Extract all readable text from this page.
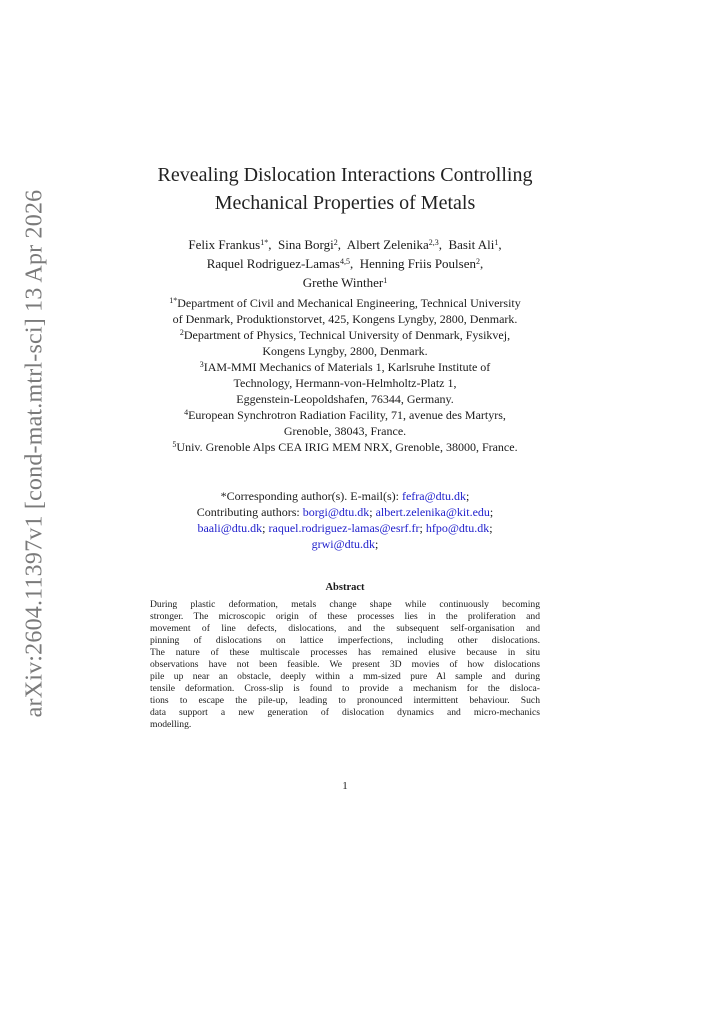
arXiv:2604.11397v1 [cond-mat.mtrl-sci] 13 Apr 2026
Revealing Dislocation Interactions Controlling
Mechanical Properties of Metals
Felix Frankus$^{1*}$, Sina Borgi$^2$, Albert Zelenika$^{2,3}$, Basit Ali$^1$,
Raquel Rodriguez-Lamas$^{4,5}$, Henning Friis Poulsen$^2$,
Grethe Winther$^1$
$^{1*}$Department of Civil and Mechanical Engineering, Technical University
of Denmark, Produktionstorvet, 425, Kongens Lyngby, 2800, Denmark.
$^2$Department of Physics, Technical University of Denmark, Fysikvej,
Kongens Lyngby, 2800, Denmark.
$^3$IAM-MMI Mechanics of Materials 1, Karlsruhe Institute of
Technology, Hermann-von-Helmholtz-Platz 1,
Eggenstein-Leopoldshafen, 76344, Germany.
$^4$European Synchrotron Radiation Facility, 71, avenue des Martyrs,
Grenoble, 38043, France.
$^5$Univ. Grenoble Alps CEA IRIG MEM NRX, Grenoble, 38000, France.
*Corresponding author(s). E-mail(s): fefra@dtu.dk;
Contributing authors: borgi@dtu.dk; albert.zelenika@kit.edu;
baali@dtu.dk; raquel.rodriguez-lamas@esrf.fr; hfpo@dtu.dk;
grwi@dtu.dk;
Abstract
During plastic deformation, metals change shape while continuously becoming
stronger. The microscopic origin of these processes lies in the proliferation and
movement of line defects, dislocations, and the subsequent self-organisation and
pinning of dislocations on lattice imperfections, including other dislocations.
The nature of these multiscale processes has remained elusive because in situ
observations have not been feasible. We present 3D movies of how dislocations
pile up near an obstacle, deeply within a mm-sized pure Al sample and during
tensile deformation. Cross-slip is found to provide a mechanism for the disloca-
tions to escape the pile-up, leading to pronounced intermittent behaviour. Such
data support a new generation of dislocation dynamics and micro-mechanics
modelling.
1
